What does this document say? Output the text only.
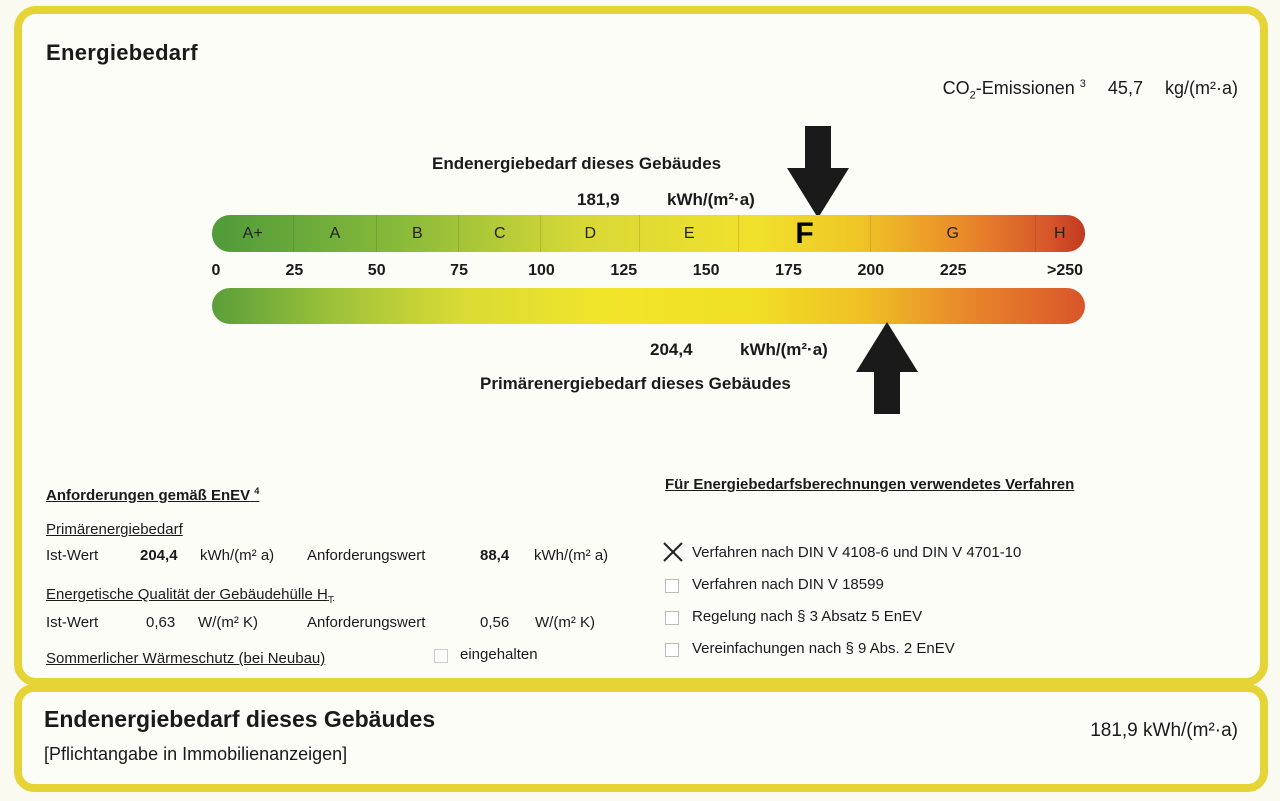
Energiebedarf
$CO_2$-Emissionen $^3$ 45,7 kg/(m²·a)
Endenergiebedarf dieses Gebäudes
181,9	kWh/(m²·a)
A+	A	B	C	D	E	F	G	H
0	25	50	75	100	125	150	175	200	225	>250
204,4	kWh/(m²·a)
Primärenergiebedarf dieses Gebäudes
Anforderungen gemäß EnEV $^4$
Primärenergiebedarf
Ist-Wert	204,4 kWh/(m² a) Anforderungswert	88,4 kWh/(m² a)
Energetische Qualität der Gebäudehülle $H_T$
Ist-Wert	0,63 W/(m² K)	Anforderungswert	0,56 W/(m² K)
Sommerlicher Wärmeschutz (bei Neubau)	eingehalten
Für Energiebedarfsberechnungen verwendetes Verfahren
Verfahren nach DIN V 4108-6 und DIN V 4701-10
Verfahren nach DIN V 18599
Regelung nach § 3 Absatz 5 EnEV
Vereinfachungen nach § 9 Abs. 2 EnEV
Endenergiebedarf dieses Gebäudes
[Pflichtangabe in Immobilienanzeigen]
181,9 kWh/(m²·a)
